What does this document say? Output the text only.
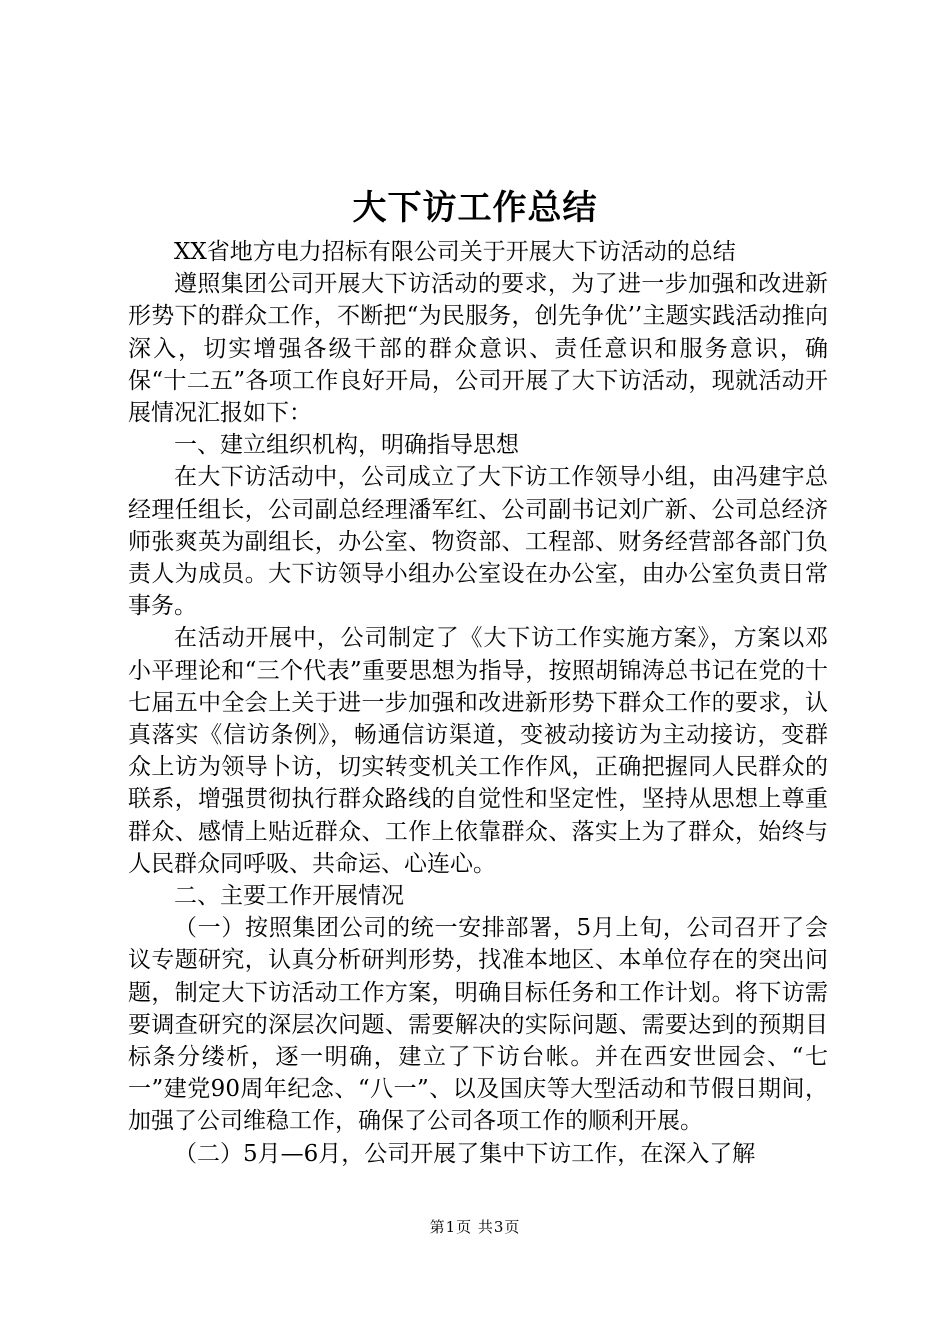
大下访工作总结

XX省地方电力招标有限公司关于开展大下访活动的总结

遵照集团公司开展大下访活动的要求，为了进一步加强和改进新形势下的群众工作，不断把“为民服务，创先争优’’主题实践活动推向深入，切实增强各级干部的群众意识、责任意识和服务意识，确保“十二五”各项工作良好开局，公司开展了大下访活动，现就活动开展情况汇报如下：

一、建立组织机构，明确指导思想

在大下访活动中，公司成立了大下访工作领导小组，由冯建宇总经理任组长，公司副总经理潘军红、公司副书记刘广新、公司总经济师张爽英为副组长，办公室、物资部、工程部、财务经营部各部门负责人为成员。大下访领导小组办公室设在办公室，由办公室负责日常事务。

在活动开展中，公司制定了《大下访工作实施方案》，方案以邓小平理论和“三个代表”重要思想为指导，按照胡锦涛总书记在党的十七届五中全会上关于进一步加强和改进新形势下群众工作的要求，认真落实《信访条例》，畅通信访渠道，变被动接访为主动接访，变群众上访为领导卜访，切实转变机关工作作风，正确把握同人民群众的联系，增强贯彻执行群众路线的自觉性和坚定性，坚持从思想上尊重群众、感情上贴近群众、工作上依靠群众、落实上为了群众，始终与人民群众同呼吸、共命运、心连心。

二、主要工作开展情况

（一）按照集团公司的统一安排部署，5月上旬，公司召开了会议专题研究，认真分析研判形势，找准本地区、本单位存在的突出问题，制定大下访活动工作方案，明确目标任务和工作计划。将下访需要调查研究的深层次问题、需要解决的实际问题、需要达到的预期目标条分缕析，逐一明确，建立了下访台帐。并在西安世园会、“七一”建党90周年纪念、“八一”、以及国庆等大型活动和节假日期间，加强了公司维稳工作，确保了公司各项工作的顺利开展。

（二）5月—6月，公司开展了集中下访工作，在深入了解

第1页 共3页
